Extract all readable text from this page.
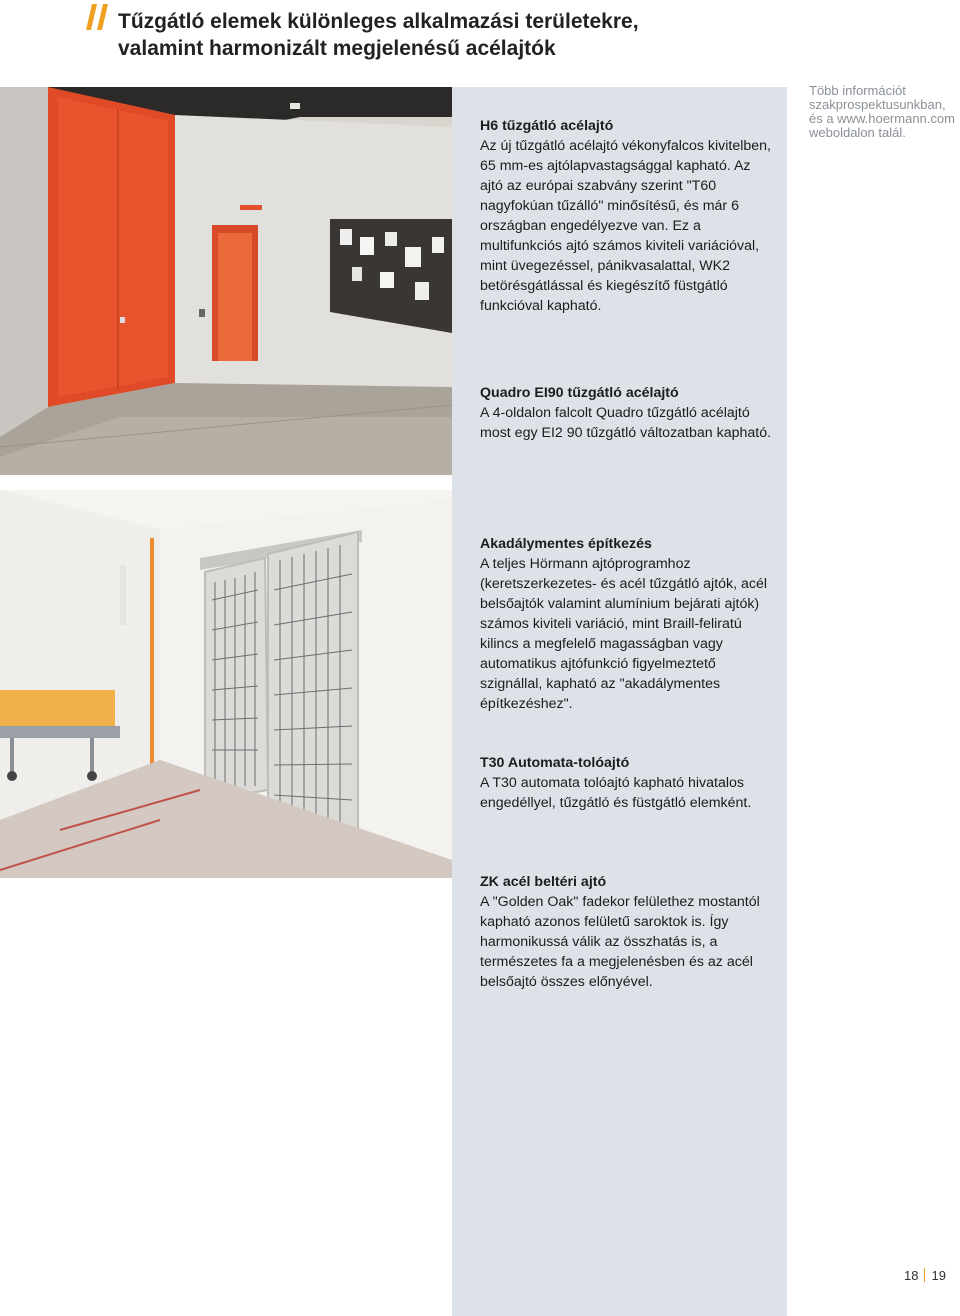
Tűzgátló elemek különleges alkalmazási területekre,
valamint harmonizált megjelenésű acélajtók
Több információt szakprospektusunkban, és a www.hoermann.com weboldalon talál.
H6 tűzgátló acélajtó
Az új tűzgátló acélajtó vékonyfalcos kivitelben, 65 mm-es ajtólapvastagsággal kapható. Az ajtó az európai szabvány szerint "T60 nagyfokúan tűzálló" minősítésű, és már 6 országban engedélyezve van. Ez a multifunkciós ajtó számos kiviteli variációval, mint üvegezéssel, pánikvasalattal, WK2 betörésgátlással és kiegészítő füstgátló funkcióval kapható.
Quadro EI90 tűzgátló acélajtó
A 4-oldalon falcolt Quadro tűzgátló acélajtó most egy EI2 90 tűzgátló változatban kapható.
Akadálymentes építkezés
A teljes Hörmann ajtóprogramhoz (keretszerkezetes- és acél tűzgátló ajtók, acél belsőajtók valamint alumínium bejárati ajtók) számos kiviteli variáció, mint Braill-feliratú kilincs a megfelelő magasságban vagy automatikus ajtófunkció figyelmeztető szignállal, kapható az "akadálymentes építkezéshez".
T30 Automata-tolóajtó
A T30 automata tolóajtó kapható hivatalos engedéllyel, tűzgátló és füstgátló elemként.
ZK acél beltéri ajtó
A "Golden Oak" fadekor felülethez mostantól kapható azonos felületű saroktok is. Így harmonikussá válik az összhatás is, a természetes fa a megjelenésben és az acél belsőajtó összes előnyével.
18 19
